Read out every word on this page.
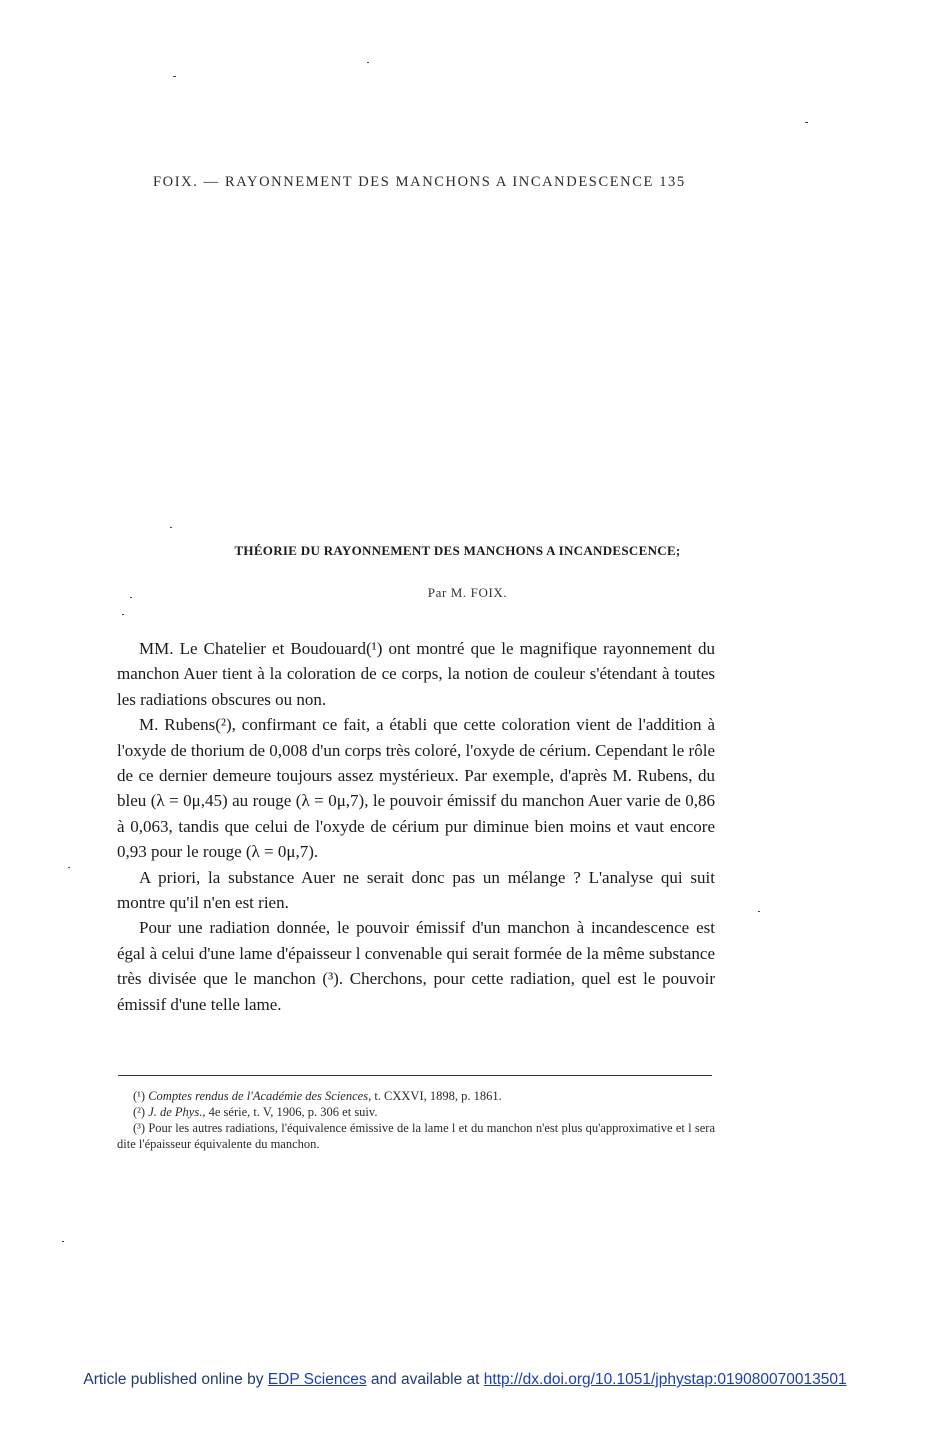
FOIX. — RAYONNEMENT DES MANCHONS A INCANDESCENCE 135
THÉORIE DU RAYONNEMENT DES MANCHONS A INCANDESCENCE;
Par M. FOIX.

MM. Le Chatelier et Boudouard(¹) ont montré que le magnifique rayonnement du manchon Auer tient à la coloration de ce corps, la notion de couleur s'étendant à toutes les radiations obscures ou non.

M. Rubens(²), confirmant ce fait, a établi que cette coloration vient de l'addition à l'oxyde de thorium de 0,008 d'un corps très coloré, l'oxyde de cérium. Cependant le rôle de ce dernier demeure toujours assez mystérieux. Par exemple, d'après M. Rubens, du bleu (λ = 0μ,45) au rouge (λ = 0μ,7), le pouvoir émissif du manchon Auer varie de 0,86 à 0,063, tandis que celui de l'oxyde de cérium pur diminue bien moins et vaut encore 0,93 pour le rouge (λ = 0μ,7).

A priori, la substance Auer ne serait donc pas un mélange ? L'analyse qui suit montre qu'il n'en est rien.

Pour une radiation donnée, le pouvoir émissif d'un manchon à incandescence est égal à celui d'une lame d'épaisseur l convenable qui serait formée de la même substance très divisée que le manchon (³). Cherchons, pour cette radiation, quel est le pouvoir émissif d'une telle lame.

(¹) Comptes rendus de l'Académie des Sciences, t. CXXVI, 1898, p. 1861.

(²) J. de Phys., 4e série, t. V, 1906, p. 306 et suiv.

(³) Pour les autres radiations, l'équivalence émissive de la lame l et du manchon n'est plus qu'approximative et l sera dite l'épaisseur équivalente du manchon.

Article published online by EDP Sciences and available at http://dx.doi.org/10.1051/jphystap:019080070013501
